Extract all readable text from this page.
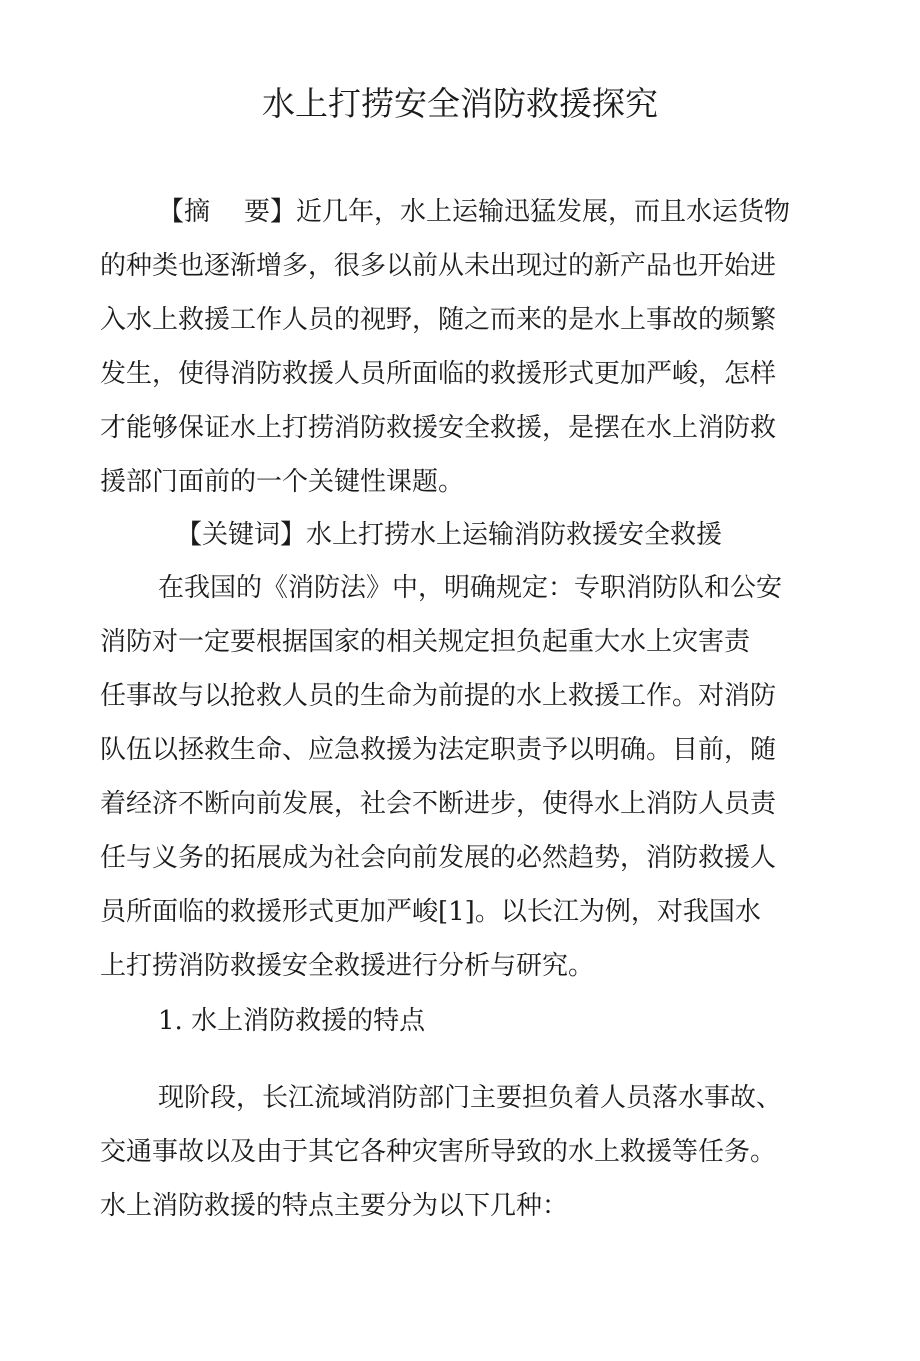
水上打捞安全消防救援探究
【摘 要】近几年，水上运输迅猛发展，而且水运货物
的种类也逐渐增多，很多以前从未出现过的新产品也开始进
入水上救援工作人员的视野，随之而来的是水上事故的频繁
发生，使得消防救援人员所面临的救援形式更加严峻，怎样
才能够保证水上打捞消防救援安全救援，是摆在水上消防救
援部门面前的一个关键性课题。
【关键词】水上打捞水上运输消防救援安全救援
在我国的《消防法》中，明确规定：专职消防队和公安
消防对一定要根据国家的相关规定担负起重大水上灾害责
任事故与以抢救人员的生命为前提的水上救援工作。对消防
队伍以拯救生命、应急救援为法定职责予以明确。目前，随
着经济不断向前发展，社会不断进步，使得水上消防人员责
任与义务的拓展成为社会向前发展的必然趋势，消防救援人
员所面临的救援形式更加严峻[1]。以长江为例，对我国水
上打捞消防救援安全救援进行分析与研究。
1. 水上消防救援的特点
现阶段，长江流域消防部门主要担负着人员落水事故、
交通事故以及由于其它各种灾害所导致的水上救援等任务。
水上消防救援的特点主要分为以下几种：
